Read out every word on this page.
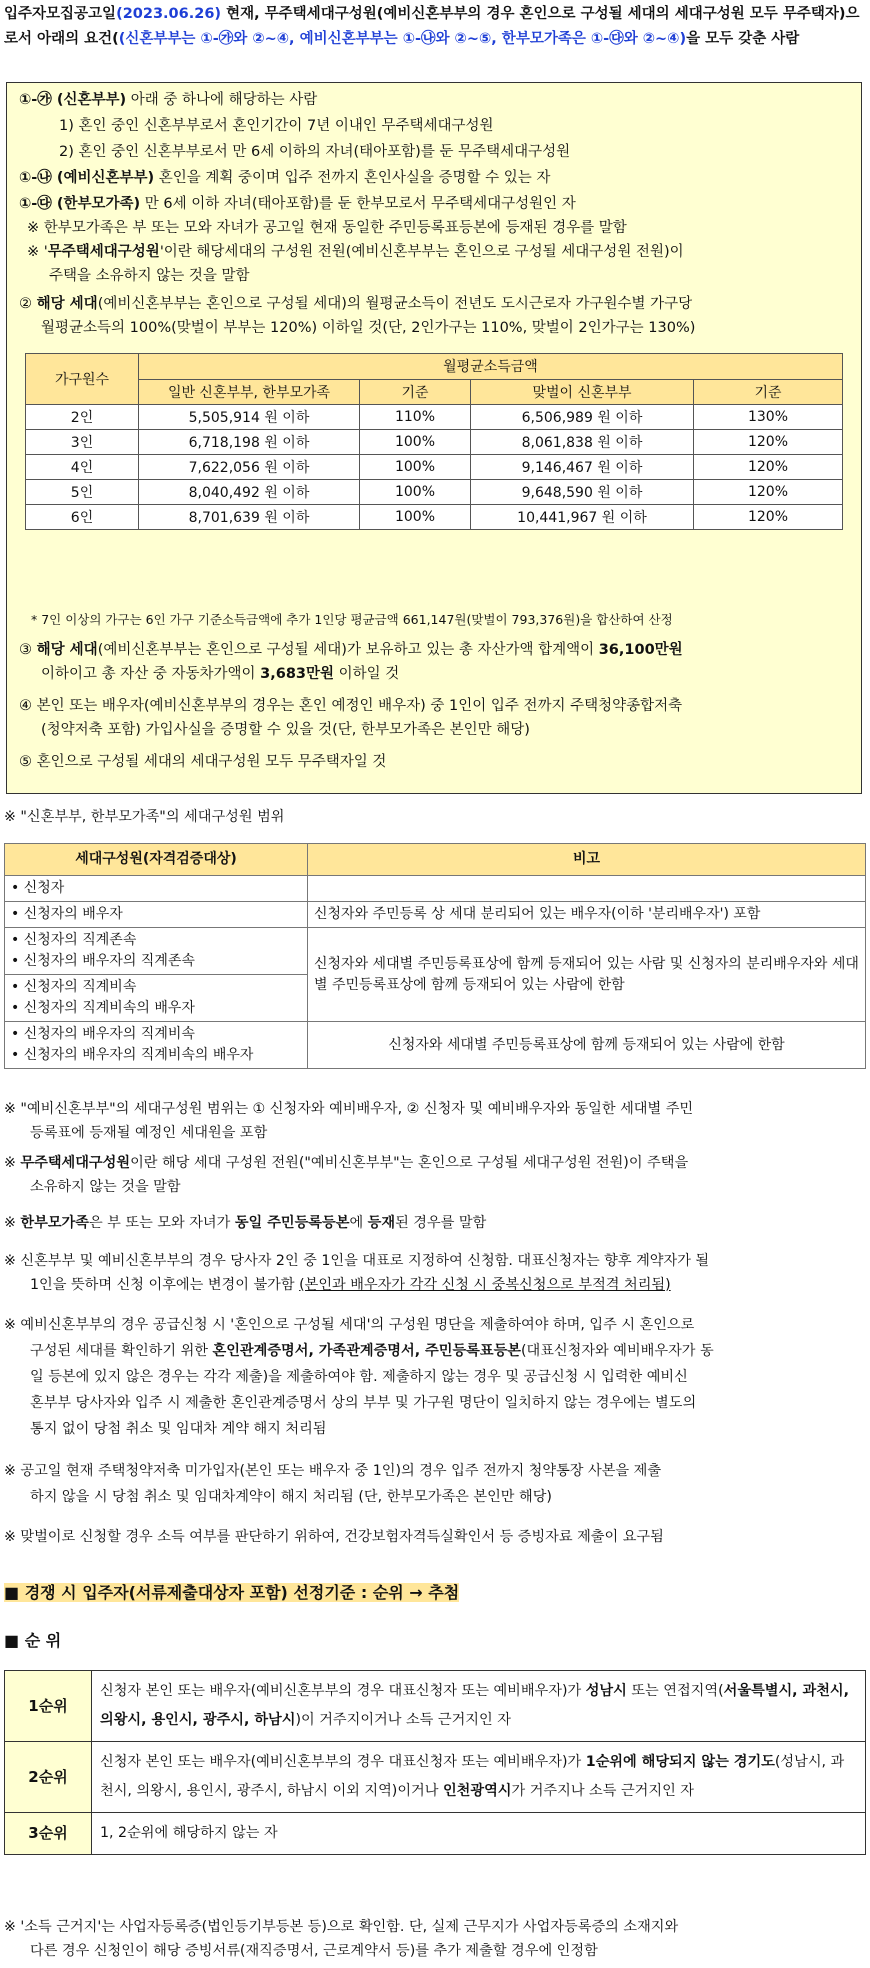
입주자모집공고일(2023.06.26) 현재, 무주택세대구성원(예비신혼부부의 경우 혼인으로 구성될 세대의 세대구성원 모두 무주택자)으로서 아래의 요건((신혼부부는 ①-㉮와 ②~④, 예비신혼부부는 ①-㉯와 ②~⑤, 한부모가족은 ①-㉰와 ②~④)을 모두 갖춘 사람
①-㉮ (신혼부부) 아래 중 하나에 해당하는 사람
1) 혼인 중인 신혼부부로서 혼인기간이 7년 이내인 무주택세대구성원
2) 혼인 중인 신혼부부로서 만 6세 이하의 자녀(태아포함)를 둔 무주택세대구성원
①-㉯ (예비신혼부부) 혼인을 계획 중이며 입주 전까지 혼인사실을 증명할 수 있는 자
①-㉰ (한부모가족) 만 6세 이하 자녀(태아포함)를 둔 한부모로서 무주택세대구성원인 자
※ 한부모가족은 부 또는 모와 자녀가 공고일 현재 동일한 주민등록표등본에 등재된 경우를 말함
※ '무주택세대구성원'이란 해당세대의 구성원 전원(예비신혼부부는 혼인으로 구성될 세대구성원 전원)이
주택을 소유하지 않는 것을 말함
② 해당 세대(예비신혼부부는 혼인으로 구성될 세대)의 월평균소득이 전년도 도시근로자 가구원수별 가구당
월평균소득의 100%(맞벌이 부부는 120%) 이하일 것(단, 2인가구는 110%, 맞벌이 2인가구는 130%)
가구원수	월평균소득금액			
	일반 신혼부부, 한부모가족	기준	맞벌이 신혼부부	기준
2인	5,505,914 원 이하	110%	6,506,989 원 이하	130%
3인	6,718,198 원 이하	100%	8,061,838 원 이하	120%
4인	7,622,056 원 이하	100%	9,146,467 원 이하	120%
5인	8,040,492 원 이하	100%	9,648,590 원 이하	120%
6인	8,701,639 원 이하	100%	10,441,967 원 이하	120%
* 7인 이상의 가구는 6인 가구 기준소득금액에 추가 1인당 평균금액 661,147원(맞벌이 793,376원)을 합산하여 산정
③ 해당 세대(예비신혼부부는 혼인으로 구성될 세대)가 보유하고 있는 총 자산가액 합계액이 36,100만원
이하이고 총 자산 중 자동차가액이 3,683만원 이하일 것
④ 본인 또는 배우자(예비신혼부부의 경우는 혼인 예정인 배우자) 중 1인이 입주 전까지 주택청약종합저축
(청약저축 포함) 가입사실을 증명할 수 있을 것(단, 한부모가족은 본인만 해당)
⑤ 혼인으로 구성될 세대의 세대구성원 모두 무주택자일 것
※ "신혼부부, 한부모가족"의 세대구성원 범위
세대구성원(자격검증대상)	비고
• 신청자	
• 신청자의 배우자	신청자와 주민등록 상 세대 분리되어 있는 배우자(이하 '분리배우자') 포함

• 신청자의 직계존속
• 신청자의 배우자의 직계존속	신청자와 세대별 주민등록표상에 함께 등재되어 있는 사람 및 신청자의 분리배우자와 세대별 주민등록표상에 함께 등재되어 있는 사람에 한함

• 신청자의 직계비속
• 신청자의 직계비속의 배우자	

• 신청자의 배우자의 직계비속
• 신청자의 배우자의 직계비속의 배우자	신청자와 세대별 주민등록표상에 함께 등재되어 있는 사람에 한함
※ "예비신혼부부"의 세대구성원 범위는 ① 신청자와 예비배우자, ② 신청자 및 예비배우자와 동일한 세대별 주민
등록표에 등재될 예정인 세대원을 포함
※ 무주택세대구성원이란 해당 세대 구성원 전원("예비신혼부부"는 혼인으로 구성될 세대구성원 전원)이 주택을
소유하지 않는 것을 말함
※ 한부모가족은 부 또는 모와 자녀가 동일 주민등록등본에 등재된 경우를 말함
※ 신혼부부 및 예비신혼부부의 경우 당사자 2인 중 1인을 대표로 지정하여 신청함. 대표신청자는 향후 계약자가 될
1인을 뜻하며 신청 이후에는 변경이 불가함 (본인과 배우자가 각각 신청 시 중복신청으로 부적격 처리됨)
※ 예비신혼부부의 경우 공급신청 시 '혼인으로 구성될 세대'의 구성원 명단을 제출하여야 하며, 입주 시 혼인으로
구성된 세대를 확인하기 위한 혼인관계증명서, 가족관계증명서, 주민등록표등본(대표신청자와 예비배우자가 동
일 등본에 있지 않은 경우는 각각 제출)을 제출하여야 함. 제출하지 않는 경우 및 공급신청 시 입력한 예비신
혼부부 당사자와 입주 시 제출한 혼인관계증명서 상의 부부 및 가구원 명단이 일치하지 않는 경우에는 별도의
통지 없이 당첨 취소 및 임대차 계약 해지 처리됨
※ 공고일 현재 주택청약저축 미가입자(본인 또는 배우자 중 1인)의 경우 입주 전까지 청약통장 사본을 제출
하지 않을 시 당첨 취소 및 임대차계약이 해지 처리됨 (단, 한부모가족은 본인만 해당)
※ 맞벌이로 신청할 경우 소득 여부를 판단하기 위하여, 건강보험자격득실확인서 등 증빙자료 제출이 요구됨
■ 경쟁 시 입주자(서류제출대상자 포함) 선정기준 : 순위 → 추첨
■ 순 위
1순위	신청자 본인 또는 배우자(예비신혼부부의 경우 대표신청자 또는 예비배우자)가 성남시 또는 연접지역(서울특별시, 과천시, 의왕시, 용인시, 광주시, 하남시)이 거주지이거나 소득 근거지인 자
2순위	신청자 본인 또는 배우자(예비신혼부부의 경우 대표신청자 또는 예비배우자)가 1순위에 해당되지 않는 경기도(성남시, 과천시, 의왕시, 용인시, 광주시, 하남시 이외 지역)이거나 인천광역시가 거주지나 소득 근거지인 자
3순위	1, 2순위에 해당하지 않는 자
※ '소득 근거지'는 사업자등록증(법인등기부등본 등)으로 확인함. 단, 실제 근무지가 사업자등록증의 소재지와
다른 경우 신청인이 해당 증빙서류(재직증명서, 근로계약서 등)를 추가 제출할 경우에 인정함
